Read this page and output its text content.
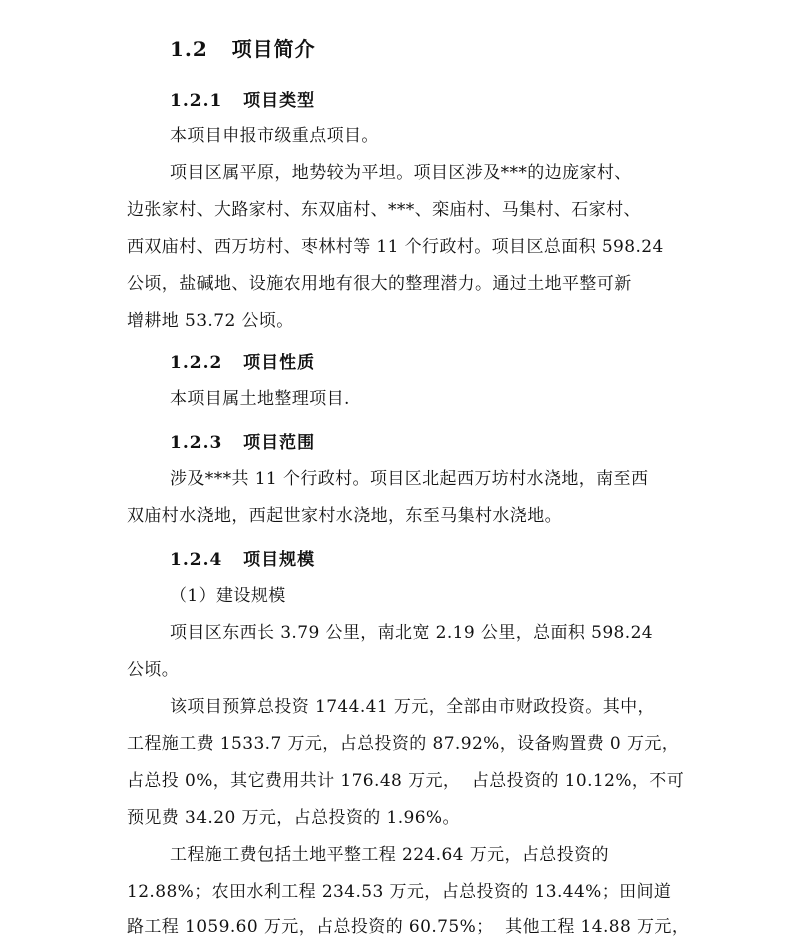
1.2   项目简介
1.2.1   项目类型
本项目申报市级重点项目。
项目区属平原，地势较为平坦。项目区涉及***的边庞家村、
边张家村、大路家村、东双庙村、***、栾庙村、马集村、石家村、
西双庙村、西万坊村、枣林村等 11 个行政村。项目区总面积 598.24
公顷，盐碱地、设施农用地有很大的整理潜力。通过土地平整可新
增耕地 53.72 公顷。
1.2.2   项目性质
本项目属土地整理项目.
1.2.3   项目范围
涉及***共 11 个行政村。项目区北起西万坊村水浇地，南至西
双庙村水浇地，西起世家村水浇地，东至马集村水浇地。
1.2.4   项目规模
（1）建设规模
项目区东西长 3.79 公里，南北宽 2.19 公里，总面积 598.24
公顷。
该项目预算总投资 1744.41 万元，全部由市财政投资。其中，
工程施工费 1533.7 万元，占总投资的 87.92%，设备购置费 0 万元，
占总投 0%，其它费用共计 176.48 万元，  占总投资的 10.12%，不可
预见费 34.20 万元，占总投资的 1.96%。
工程施工费包括土地平整工程 224.64 万元，占总投资的
12.88%；农田水利工程 234.53 万元，占总投资的 13.44%；田间道
路工程 1059.60 万元，占总投资的 60.75%；  其他工程 14.88 万元，
